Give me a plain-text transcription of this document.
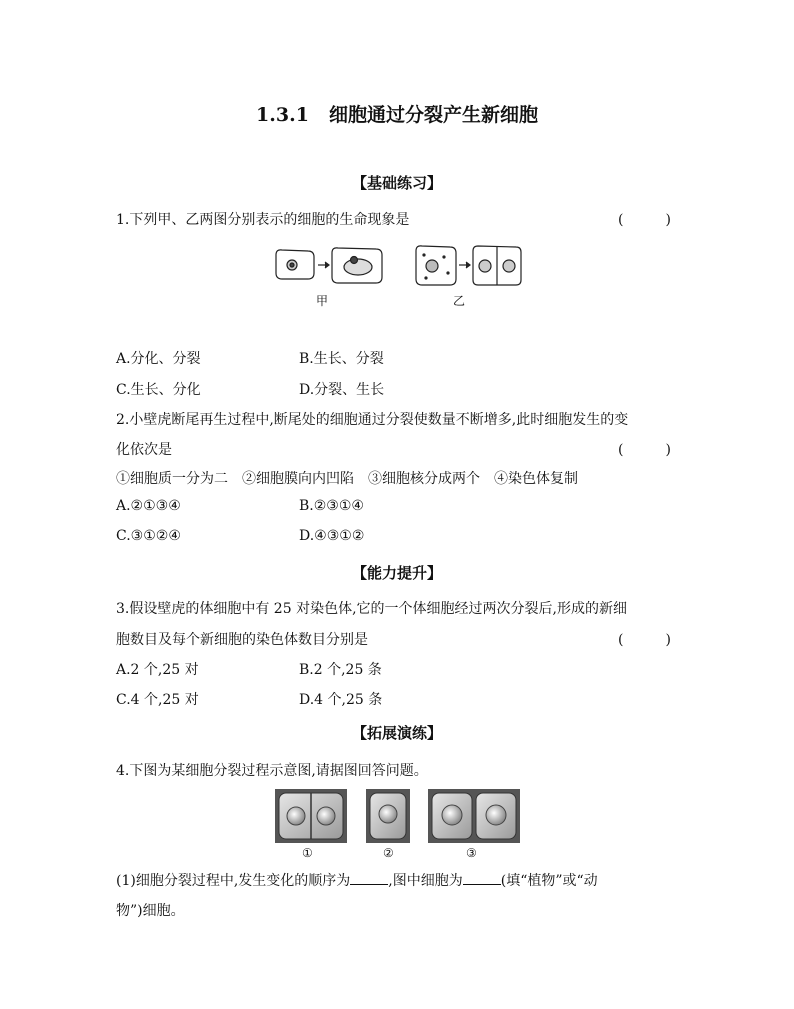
1.3.1 细胞通过分裂产生新细胞
【基础练习】
1.下列甲、乙两图分别表示的细胞的生命现象是	(　　　)
甲	乙
A.分化、分裂	B.生长、分裂
C.生长、分化	D.分裂、生长
2.小壁虎断尾再生过程中,断尾处的细胞通过分裂使数量不断增多,此时细胞发生的变
化依次是	(　　　)
①细胞质一分为二　②细胞膜向内凹陷　③细胞核分成两个　④染色体复制
A.②①③④	B.②③①④
C.③①②④	D.④③①②
【能力提升】
3.假设壁虎的体细胞中有 25 对染色体,它的一个体细胞经过两次分裂后,形成的新细
胞数目及每个新细胞的染色体数目分别是	(　　　)
A.2 个,25 对	B.2 个,25 条
C.4 个,25 对	D.4 个,25 条
【拓展演练】
4.下图为某细胞分裂过程示意图,请据图回答问题。
①	②	③
(1)细胞分裂过程中,发生变化的顺序为	,图中细胞为	(填“植物”或“动
物”)细胞。
